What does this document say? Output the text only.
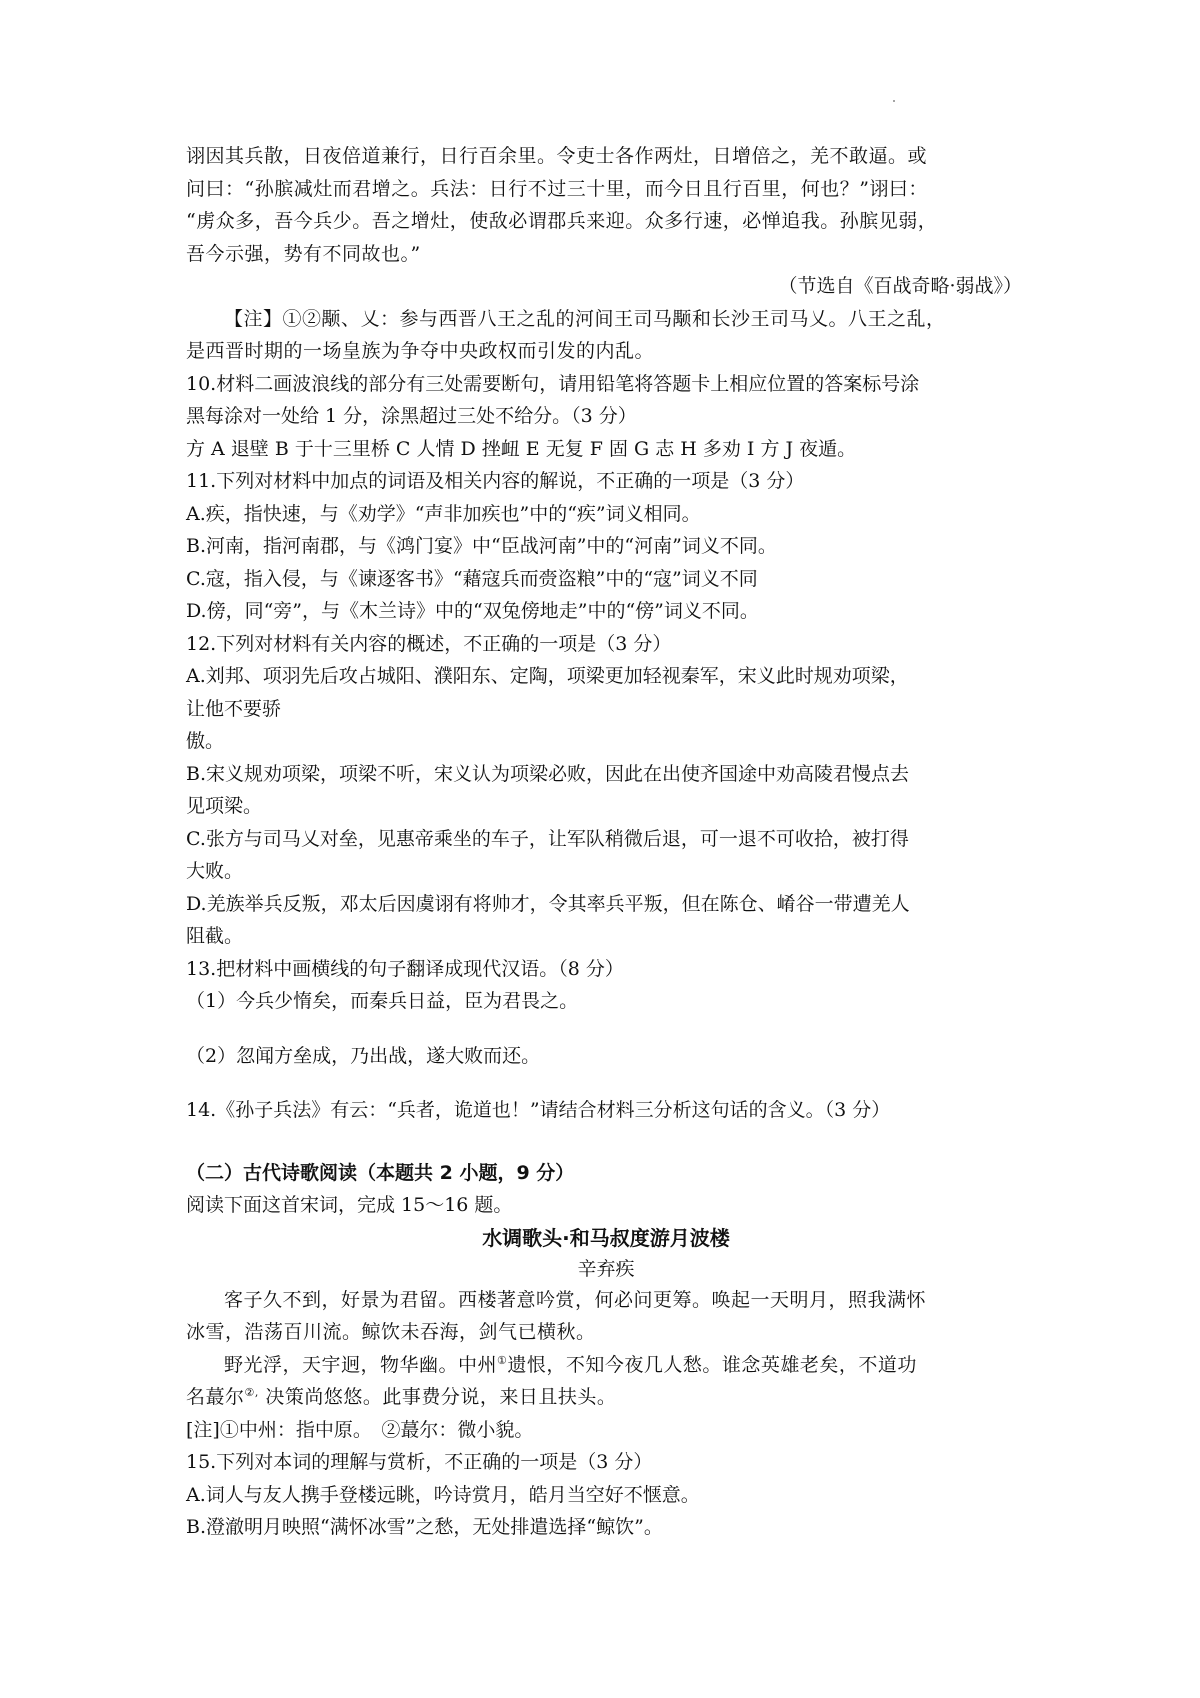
诩因其兵散，日夜倍道兼行，日行百余里。令吏士各作两灶，日增倍之，羌不敢逼。或
问曰：“孙膑减灶而君增之。兵法：日行不过三十里，而今日且行百里，何也？”诩曰：
“虏众多，吾今兵少。吾之增灶，使敌必谓郡兵来迎。众多行速，必惮追我。孙膑见弱，
吾今示强，势有不同故也。”
（节选自《百战奇略·弱战》）
【注】①②颙、乂：参与西晋八王之乱的河间王司马颙和长沙王司马乂。八王之乱，
是西晋时期的一场皇族为争夺中央政权而引发的内乱。
10.材料二画波浪线的部分有三处需要断句，请用铅笔将答题卡上相应位置的答案标号涂
黑每涂对一处给 1 分，涂黑超过三处不给分。（3 分）
方 A 退壁 B 于十三里桥 C 人情 D 挫衄 E 无复 F 固 G 志 H 多劝 I 方 J 夜遁。
11.下列对材料中加点的词语及相关内容的解说，不正确的一项是（3 分）
A.疾，指快速，与《劝学》“声非加疾也”中的“疾”词义相同。
B.河南，指河南郡，与《鸿门宴》中“臣战河南”中的“河南”词义不同。
C.寇，指入侵，与《谏逐客书》“藉寇兵而赍盗粮”中的“寇”词义不同
D.傍，同“旁”，与《木兰诗》中的“双兔傍地走”中的“傍”词义不同。
12.下列对材料有关内容的概述，不正确的一项是（3 分）
A.刘邦、项羽先后攻占城阳、濮阳东、定陶，项梁更加轻视秦军，宋义此时规劝项梁，
让他不要骄
傲。
B.宋义规劝项梁，项梁不听，宋义认为项梁必败，因此在出使齐国途中劝高陵君慢点去
见项梁。
C.张方与司马乂对垒，见惠帝乘坐的车子，让军队稍微后退，可一退不可收拾，被打得
大败。
D.羌族举兵反叛，邓太后因虞诩有将帅才，令其率兵平叛，但在陈仓、崤谷一带遭羌人
阻截。
13.把材料中画横线的句子翻译成现代汉语。（8 分）
（1）今兵少惰矣，而秦兵日益，臣为君畏之。
（2）忽闻方垒成，乃出战，遂大败而还。
14.《孙子兵法》有云：“兵者，诡道也！”请结合材料三分析这句话的含义。（3 分）
（二）古代诗歌阅读（本题共 2 小题，9 分）
阅读下面这首宋词，完成 15～16 题。
水调歌头·和马叔度游月波楼
辛弃疾
客子久不到，好景为君留。西楼著意吟赏，何必问更筹。唤起一天明月，照我满怀
冰雪，浩荡百川流。鲸饮未吞海，剑气已横秋。
野光浮，天宇迥，物华幽。中州①遗恨，不知今夜几人愁。谁念英雄老矣，不道功
名蕞尔②, 决策尚悠悠。此事费分说，来日且扶头。
[注]①中州：指中原。　②蕞尔：微小貌。
15.下列对本词的理解与赏析，不正确的一项是（3 分）
A.词人与友人携手登楼远眺，吟诗赏月，皓月当空好不惬意。
B.澄澈明月映照“满怀冰雪”之愁，无处排遣选择“鲸饮”。
